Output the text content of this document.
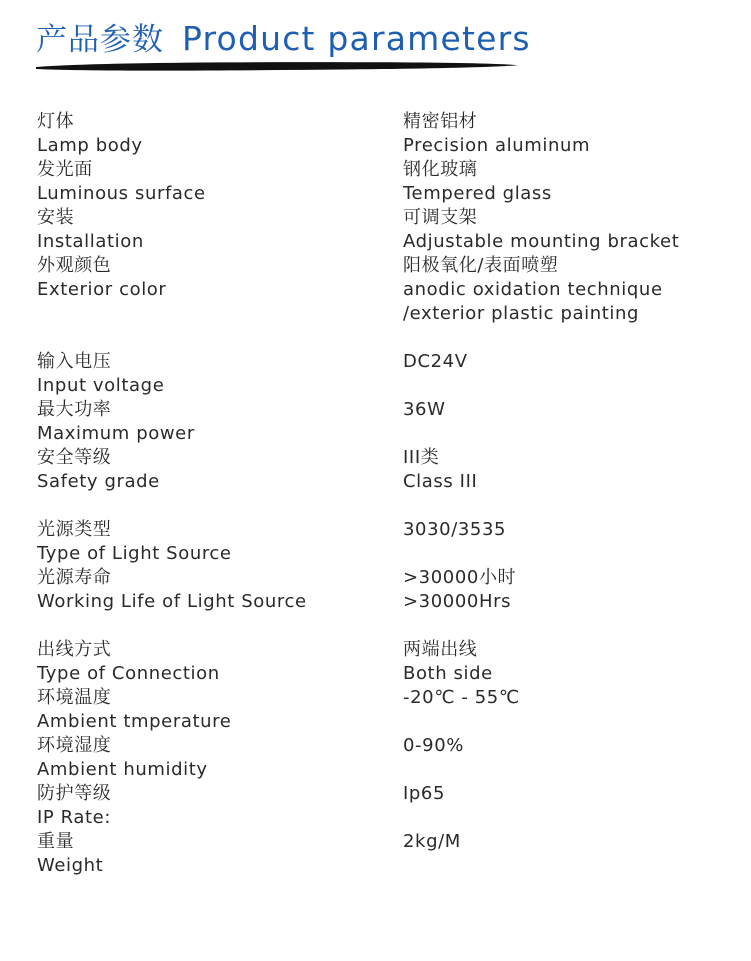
产品参数 Product parameters
灯体
Lamp body
精密铝材
Precision aluminum
发光面
Luminous surface
钢化玻璃
Tempered glass
安装
Installation
可调支架
Adjustable mounting bracket
外观颜色
Exterior color
阳极氧化/表面喷塑
anodic oxidation technique
/exterior plastic painting
输入电压
Input voltage
DC24V
最大功率
Maximum power
36W
安全等级
Safety grade
III类
Class III
光源类型
Type of Light Source
3030/3535
光源寿命
Working Life of Light Source
>30000小时
>30000Hrs
出线方式
Type of Connection
两端出线
Both side
环境温度
Ambient tmperature
-20℃ - 55℃
环境湿度
Ambient humidity
0-90%
防护等级
IP Rate:
Ip65
重量
Weight
2kg/M
